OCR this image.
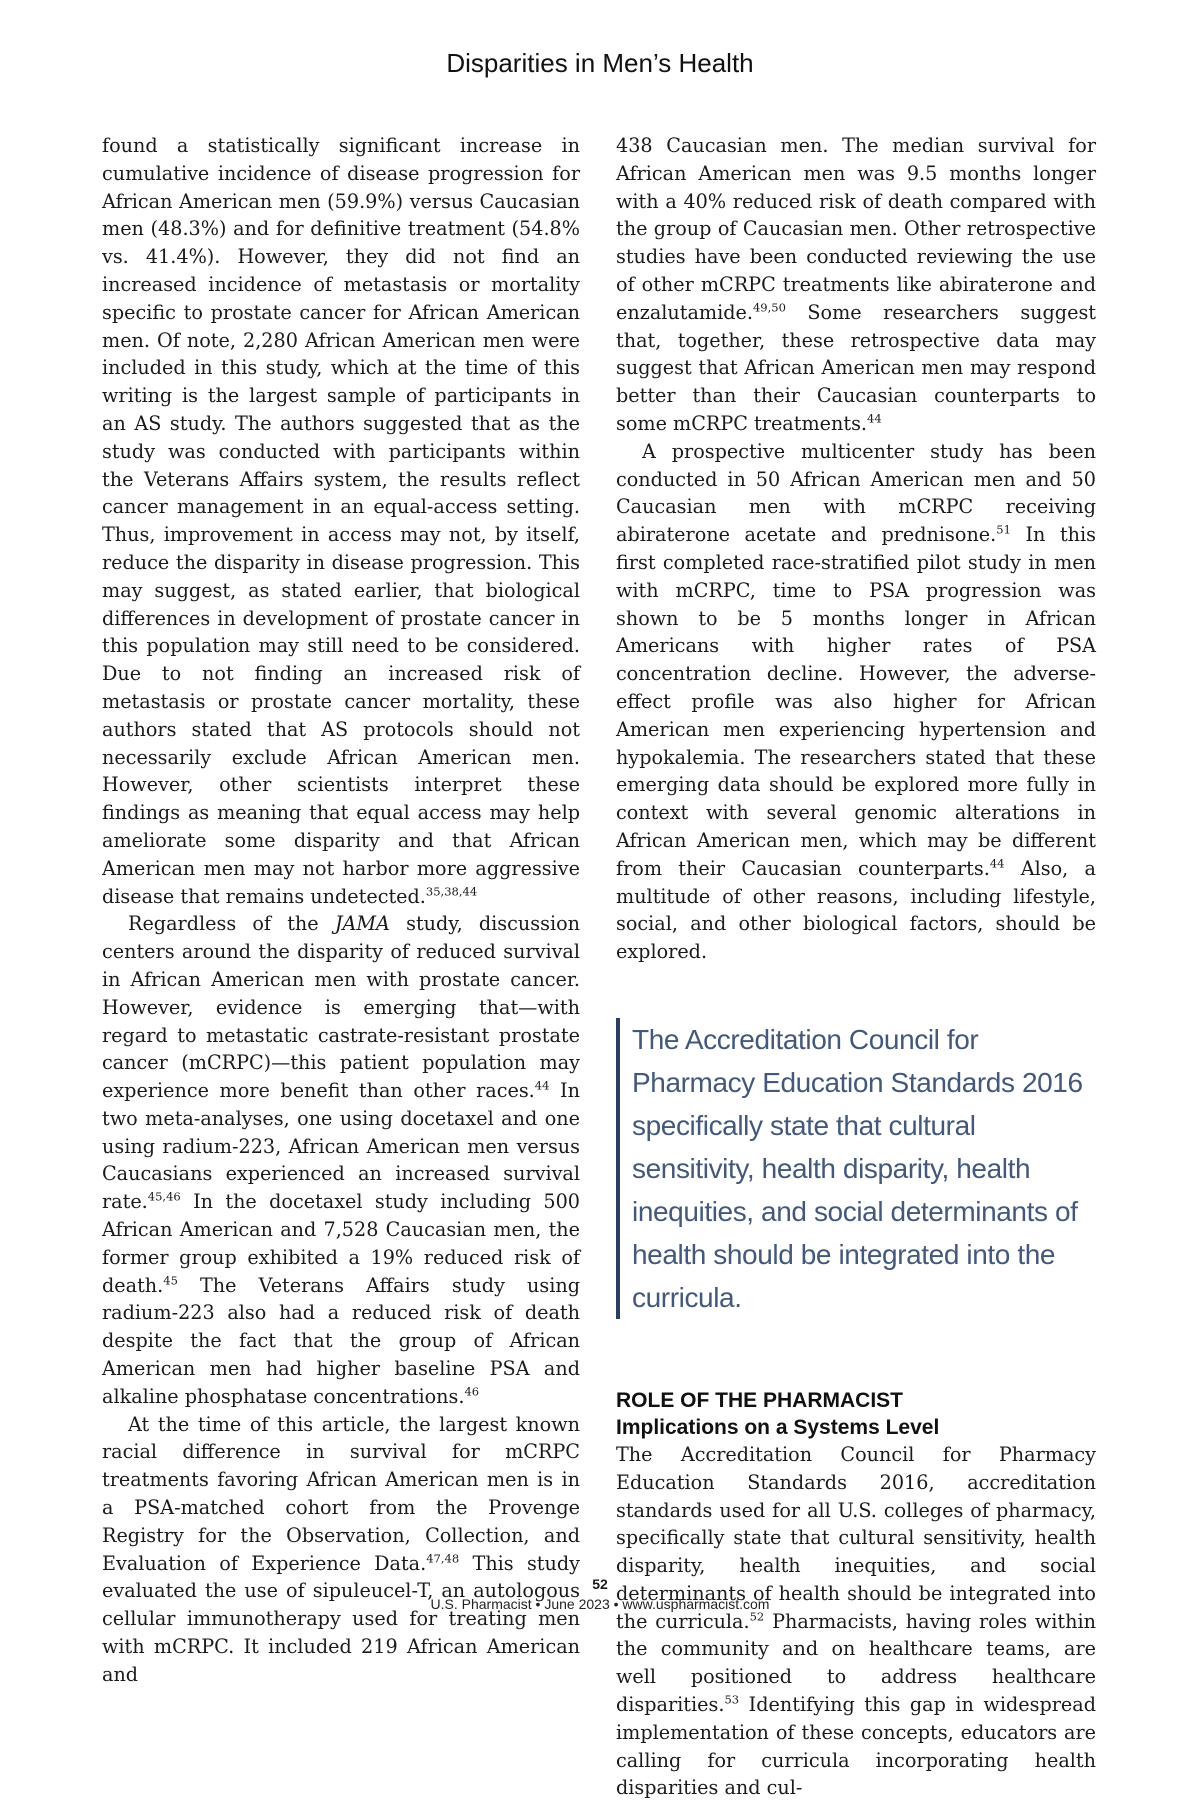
Disparities in Men’s Health

found a statistically significant increase in cumulative incidence of disease progression for African American men (59.9%) versus Caucasian men (48.3%) and for definitive treatment (54.8% vs. 41.4%). However, they did not find an increased incidence of metastasis or mortality specific to prostate cancer for African American men. Of note, 2,280 African American men were included in this study, which at the time of this writing is the largest sample of participants in an AS study. The authors suggested that as the study was conducted with participants within the Veterans Affairs system, the results reflect cancer management in an equal-access setting. Thus, improvement in access may not, by itself, reduce the disparity in disease progression. This may suggest, as stated earlier, that biological differences in development of prostate cancer in this population may still need to be considered. Due to not finding an increased risk of metastasis or prostate cancer mortality, these authors stated that AS protocols should not necessarily exclude African American men. However, other scientists interpret these findings as meaning that equal access may help ameliorate some disparity and that African American men may not harbor more aggressive disease that remains undetected.$^{35,38,44}$

Regardless of the JAMA study, discussion centers around the disparity of reduced survival in African American men with prostate cancer. However, evidence is emerging that—with regard to metastatic castrate-resistant prostate cancer (mCRPC)—this patient population may experience more benefit than other races.$^{44}$ In two meta-analyses, one using docetaxel and one using radium-223, African American men versus Caucasians experienced an increased survival rate.$^{45,46}$ In the docetaxel study including 500 African American and 7,528 Caucasian men, the former group exhibited a 19% reduced risk of death.$^{45}$ The Veterans Affairs study using radium-223 also had a reduced risk of death despite the fact that the group of African American men had higher baseline PSA and alkaline phosphatase concentrations.$^{46}$

At the time of this article, the largest known racial difference in survival for mCRPC treatments favoring African American men is in a PSA-matched cohort from the Provenge Registry for the Observation, Collection, and Evaluation of Experience Data.$^{47,48}$ This study evaluated the use of sipuleucel-T, an autologous cellular immunotherapy used for treating men with mCRPC. It included 219 African American and

438 Caucasian men. The median survival for African American men was 9.5 months longer with a 40% reduced risk of death compared with the group of Caucasian men. Other retrospective studies have been conducted reviewing the use of other mCRPC treatments like abiraterone and enzalutamide.$^{49,50}$ Some researchers suggest that, together, these retrospective data may suggest that African American men may respond better than their Caucasian counterparts to some mCRPC treatments.$^{44}$

A prospective multicenter study has been conducted in 50 African American men and 50 Caucasian men with mCRPC receiving abiraterone acetate and prednisone.$^{51}$ In this first completed race-stratified pilot study in men with mCRPC, time to PSA progression was shown to be 5 months longer in African Americans with higher rates of PSA concentration decline. However, the adverse-effect profile was also higher for African American men experiencing hypertension and hypokalemia. The researchers stated that these emerging data should be explored more fully in context with several genomic alterations in African American men, which may be different from their Caucasian counterparts.$^{44}$ Also, a multitude of other reasons, including lifestyle, social, and other biological factors, should be explored.

The Accreditation Council for Pharmacy Education Standards 2016 specifically state that cultural sensitivity, health disparity, health inequities, and social determinants of health should be integrated into the curricula.
ROLE OF THE PHARMACIST
Implications on a Systems Level

The Accreditation Council for Pharmacy Education Standards 2016, accreditation standards used for all U.S. colleges of pharmacy, specifically state that cultural sensitivity, health disparity, health inequities, and social determinants of health should be integrated into the curricula.$^{52}$ Pharmacists, having roles within the community and on healthcare teams, are well positioned to address healthcare disparities.$^{53}$ Identifying this gap in widespread implementation of these concepts, educators are calling for curricula incorporating health disparities and cul-

52
U.S. Pharmacist • June 2023 • www.uspharmacist.com
